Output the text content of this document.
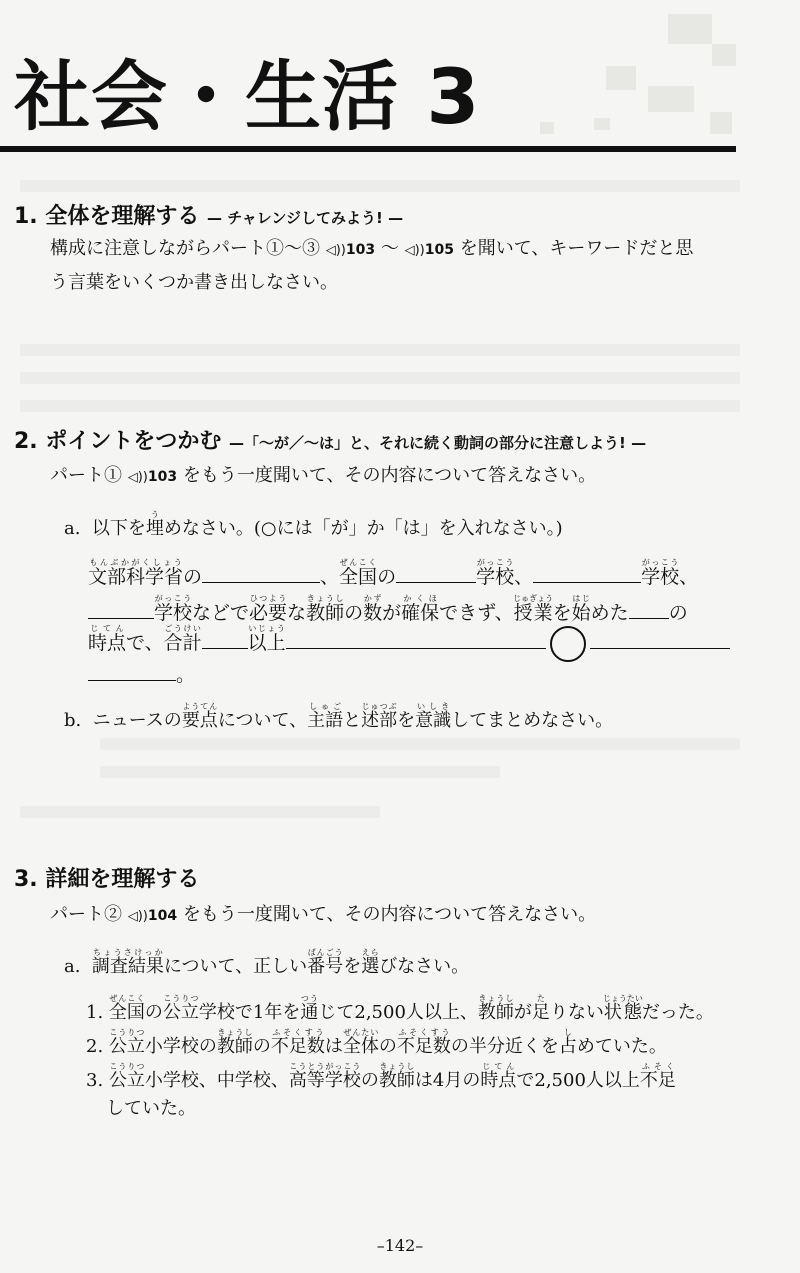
社会・生活 3
1. 全体を理解する — チャレンジしてみよう! —
構成に注意しながらパート①～③ ◁))103 ～ ◁))105 を聞いて、キーワードだと思
う言葉をいくつか書き出しなさい。
2. ポイントをつかむ —「～が／～は」と、それに続く動詞の部分に注意しよう! —
パート① ◁))103 をもう一度聞いて、その内容について答えなさい。
a. 以下を埋うめなさい。(○には「が」か「は」を入れなさい。)
文部科学省もんぶかがくしょうの	、全国ぜんこくの	学校がっこう、	学校がっこう、
学校がっこうなどで必要ひつような教師きょうしの数かずが確保かくほできず、授業じゅぎょうを始はじめた の
時点じてんで、合計ごうけい以上いじょう
。
b. ニュースの要点ようてんについて、主語しゅごと述部じゅつぶを意識いしきしてまとめなさい。
3. 詳細を理解する
パート② ◁))104 をもう一度聞いて、その内容について答えなさい。
a. 調査結果ちょうさけっかについて、正しい番号ばんごうを選えらびなさい。
1. 全国ぜんこくの公立こうりつ学校で1年を通つうじて2,500人以上、教師きょうしが足たりない状態じょうたいだった。
2. 公立こうりつ小学校の教師きょうしの不足数ふそくすうは全体ぜんたいの不足数ふそくすうの半分近くを占しめていた。
3. 公立こうりつ小学校、中学校、高等学校こうとうがっこうの教師きょうしは4月の時点じてんで2,500人以上不足ふそく
していた。
–142–
